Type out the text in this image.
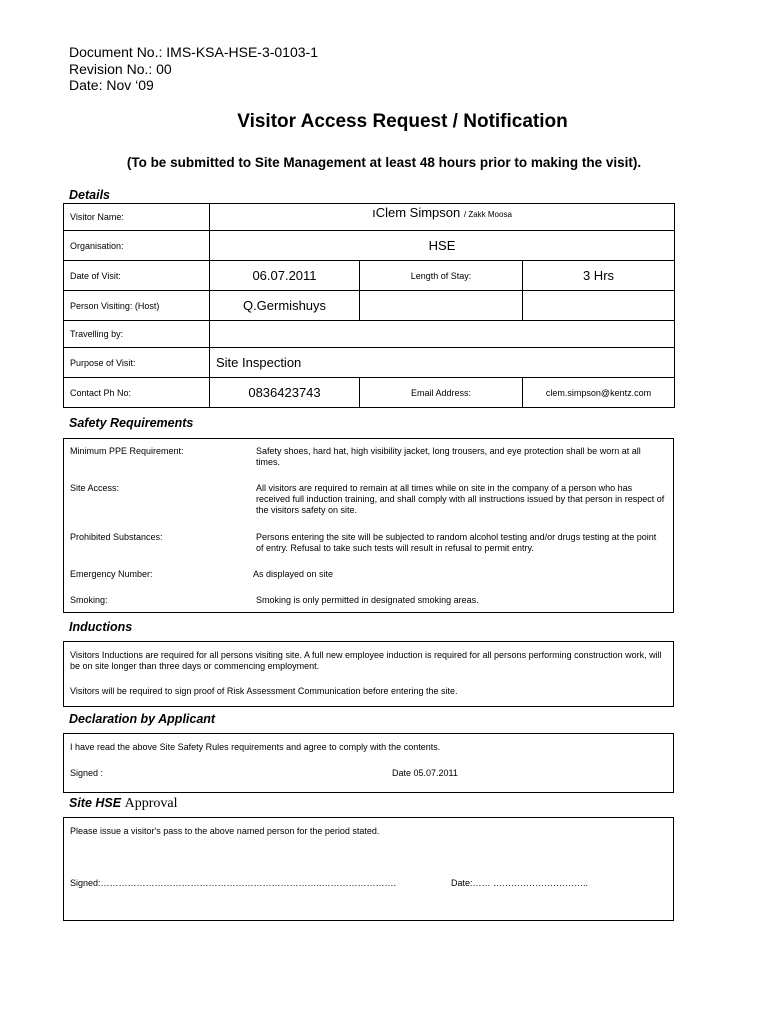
Document No.: IMS-KSA-HSE-3-0103-1
Revision No.: 00
Date: Nov ‘09
Visitor Access Request / Notification
(To be submitted to Site Management at least 48 hours prior to making the visit).
Details
Visitor Name:	ıClem Simpson / Zakk Moosa		
Organisation:	HSE		
Date of Visit:	06.07.2011	Length of Stay:	3 Hrs
Person Visiting: (Host)	Q.Germishuys		
Travelling by:			
Purpose of Visit:	Site Inspection		
Contact Ph No:	0836423743	Email Address:	clem.simpson@kentz.com
Safety Requirements
Minimum PPE Requirement:	Safety shoes, hard hat, high visibility jacket, long trousers, and eye protection shall be worn at all times.
Site Access:	All visitors are required to remain at all times while on site in the company of a person who has received full induction training, and shall comply with all instructions issued by that person in respect of the visitors safety on site.
Prohibited Substances:	Persons entering the site will be subjected to random alcohol testing and/or drugs testing at the point of entry. Refusal to take such tests will result in refusal to permit entry.
Emergency Number:	As displayed on site
Smoking:	Smoking is only permitted in designated smoking areas.
Inductions
Visitors Inductions are required for all persons visiting site. A full new employee induction is required for all persons performing construction work, will be on site longer than three days or commencing employment.
Visitors will be required to sign proof of Risk Assessment Communication before entering the site.
Declaration by Applicant
I have read the above Site Safety Rules requirements and agree to comply with the contents.
Signed :	Date 05.07.2011
Site HSE Approval
Please issue a visitor's pass to the above named person for the period stated.
Signed:………………………………………………………………..…………………….	Date:…… …………………………..
